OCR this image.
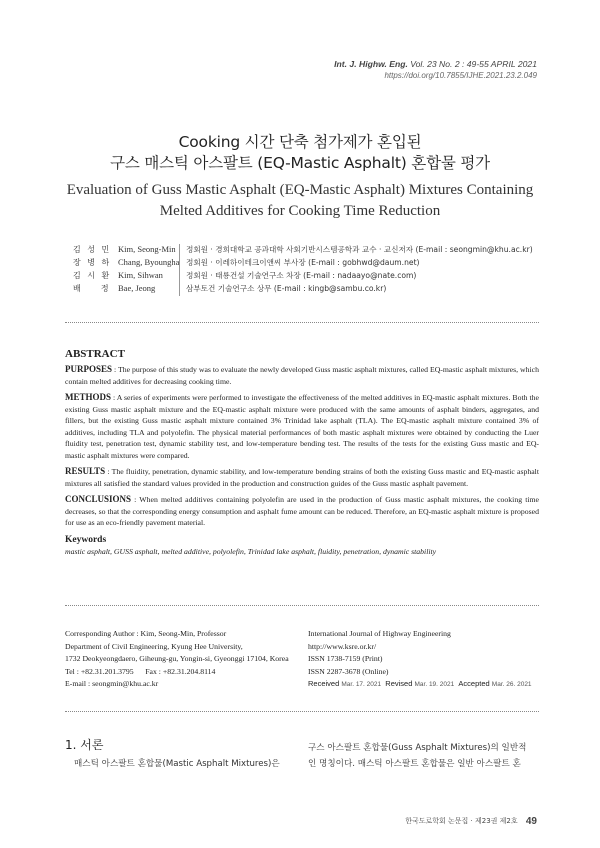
Int. J. Highw. Eng. Vol. 23 No. 2 : 49-55 APRIL 2021
https://doi.org/10.7855/IJHE.2021.23.2.049
Cooking 시간 단축 첨가제가 혼입된
구스 매스틱 아스팔트 (EQ-Mastic Asphalt) 혼합물 평가
Evaluation of Guss Mastic Asphalt (EQ-Mastic Asphalt) Mixtures Containing
Melted Additives for Cooking Time Reduction
김 성 민 Kim, Seong-Min 정회원 · 경희대학교 공과대학 사회기반시스템공학과 교수 · 교신저자 (E-mail : seongmin@khu.ac.kr)
장 병 하 Chang, Byoungha 정회원 · 이레하이테크이앤씨 부사장 (E-mail : gobhwd@daum.net)
김 시 환 Kim, Sihwan	정회원 · 태룡건설 기술연구소 차장 (E-mail : nadaayo@nate.com)
배    정 Bae, Jeong	삼부토건 기술연구소 상무 (E-mail : kingb@sambu.co.kr)
ABSTRACT

PURPOSES : The purpose of this study was to evaluate the newly developed Guss mastic asphalt mixtures, called EQ-mastic asphalt mixtures, which contain melted additives for decreasing cooking time.

METHODS : A series of experiments were performed to investigate the effectiveness of the melted additives in EQ-mastic asphalt mixtures. Both the existing Guss mastic asphalt mixture and the EQ-mastic asphalt mixture were produced with the same amounts of asphalt binders, aggregates, and fillers, but the existing Guss mastic asphalt mixture contained 3% Trinidad lake asphalt (TLA). The EQ-mastic asphalt mixture contained 3% of additives, including TLA and polyolefin. The physical material performances of both mastic asphalt mixtures were obtained by conducting the Luer fluidity test, penetration test, dynamic stability test, and low-temperature bending test. The results of the tests for the existing Guss mastic and EQ-mastic asphalt mixtures were compared.

RESULTS : The fluidity, penetration, dynamic stability, and low-temperature bending strains of both the existing Guss mastic and EQ-mastic asphalt mixtures all satisfied the standard values provided in the production and construction guides of the Guss mastic asphalt pavement.

CONCLUSIONS : When melted additives containing polyolefin are used in the production of Guss mastic asphalt mixtures, the cooking time decreases, so that the corresponding energy consumption and asphalt fume amount can be reduced. Therefore, an EQ-mastic asphalt mixture is proposed for use as an eco-friendly pavement material.

Keywords
mastic asphalt, GUSS asphalt, melted additive, polyolefin, Trinidad lake asphalt, fluidity, penetration, dynamic stability
Corresponding Author : Kim, Seong-Min, Professor
Department of Civil Engineering, Kyung Hee University,
1732 Deokyeongdaero, Giheung-gu, Yongin-si, Gyeonggi 17104, Korea
Tel : +82.31.201.3795      Fax : +82.31.204.8114
E-mail : seongmin@khu.ac.kr
International Journal of Highway Engineering
http://www.ksre.or.kr/
ISSN 1738-7159 (Print)
ISSN 2287-3678 (Online)
Received Mar. 17. 2021 Revised Mar. 19. 2021 Accepted Mar. 26. 2021
1. 서론
매스틱 아스팔트 혼합물(Mastic Asphalt Mixtures)은
구스 아스팔트 혼합물(Guss Asphalt Mixtures)의 일반적
인 명칭이다. 매스틱 아스팔트 혼합물은 일반 아스팔트 혼
한국도로학회 논문집 · 제23권 제2호 49
